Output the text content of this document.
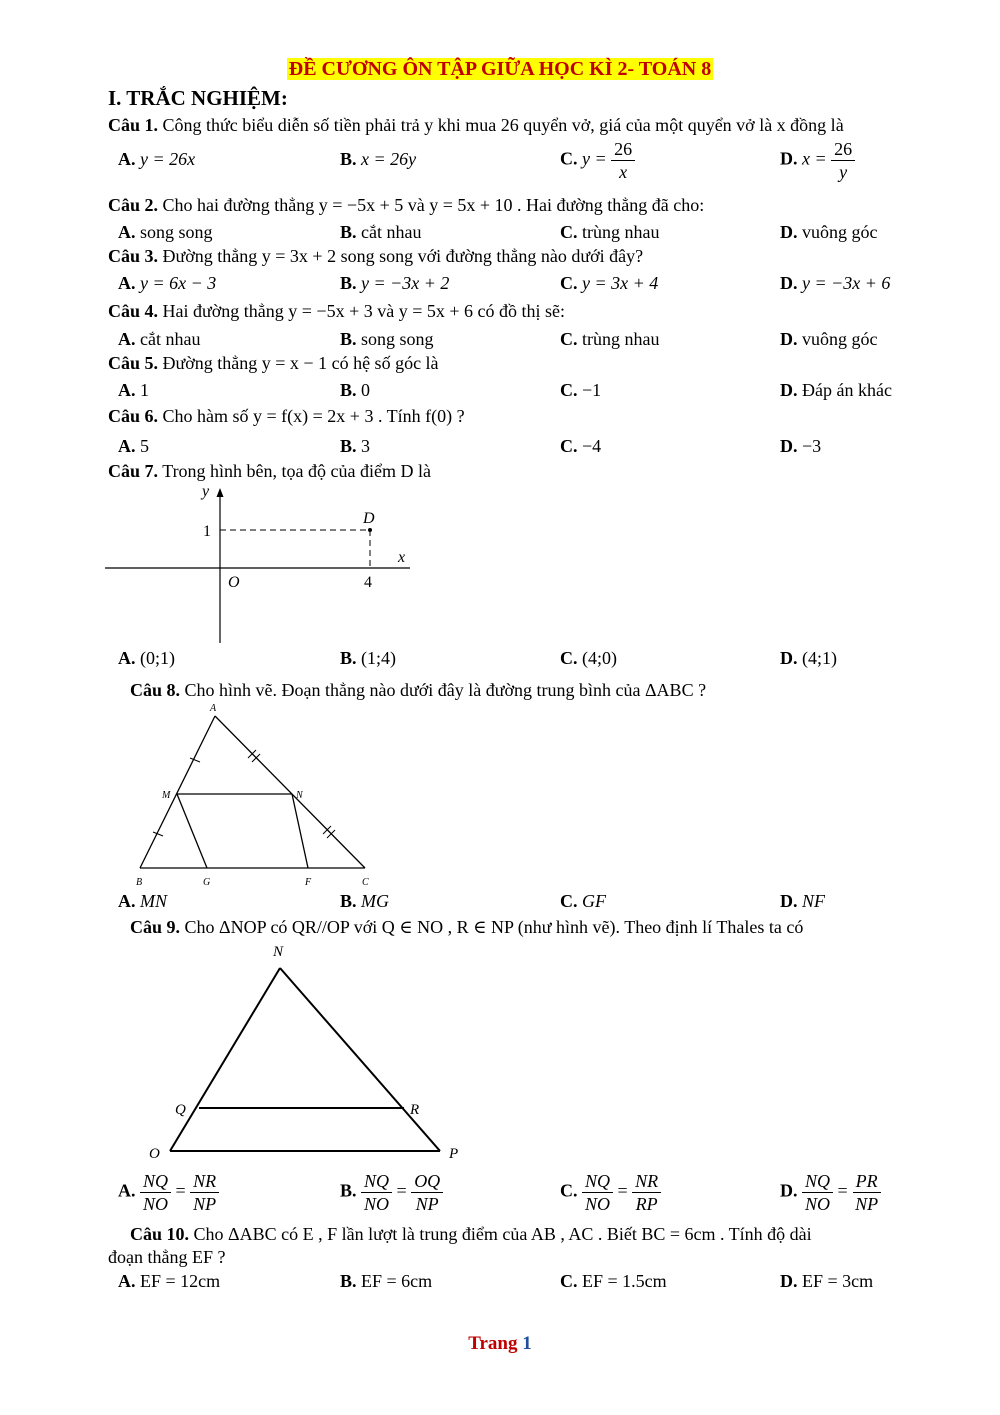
ĐỀ CƯƠNG ÔN TẬP GIỮA HỌC KÌ 2- TOÁN 8
I. TRẮC NGHIỆM:
Câu 1. Công thức biểu diễn số tiền phải trả y khi mua 26 quyển vở, giá của một quyển vở là x đồng là
A. y = 26x	B. x = 26y	C. $y = \frac{26}{x}$	D. $x = \frac{26}{y}$
Câu 2. Cho hai đường thẳng y = −5x + 5 và y = 5x + 10 . Hai đường thẳng đã cho:
A. song song	B. cắt nhau	C. trùng nhau	D. vuông góc
Câu 3. Đường thẳng y = 3x + 2 song song với đường thẳng nào dưới đây?
A. y = 6x − 3	B. y = −3x + 2	C. y = 3x + 4	D. y = −3x + 6
Câu 4. Hai đường thẳng y = −5x + 3 và y = 5x + 6 có đồ thị sẽ:
A. cắt nhau	B. song song	C. trùng nhau	D. vuông góc
Câu 5. Đường thẳng y = x − 1 có hệ số góc là
A. 1	B. 0	C. −1	D. Đáp án khác
Câu 6. Cho hàm số y = f(x) = 2x + 3 . Tính f(0) ?
A. 5	B. 3	C. −4	D. −3
Câu 7. Trong hình bên, tọa độ của điểm D là
y
x
1
4
O
D
A. (0;1)	B. (1;4)	C. (4;0)	D. (4;1)
Câu 8. Cho hình vẽ. Đoạn thẳng nào dưới đây là đường trung bình của ΔABC ?
A
M	N
B	G	F	C
A. MN	B. MG	C. GF	D. NF
Câu 9. Cho ΔNOP có QR//OP với Q ∈ NO , R ∈ NP (như hình vẽ). Theo định lí Thales ta có
N
Q	R
O	P
A. $\frac{NQ}{NO} = \frac{NR}{NP}$	B. $\frac{NQ}{NO} = \frac{OQ}{NP}$	C. $\frac{NQ}{NO} = \frac{NR}{RP}$	D. $\frac{NQ}{NO} = \frac{PR}{NP}$
Câu 10. Cho ΔABC có E , F lần lượt là trung điểm của AB , AC . Biết BC = 6cm . Tính độ dài
đoạn thẳng EF ?
A. EF = 12cm	B. EF = 6cm	C. EF = 1.5cm	D. EF = 3cm
Trang 1
